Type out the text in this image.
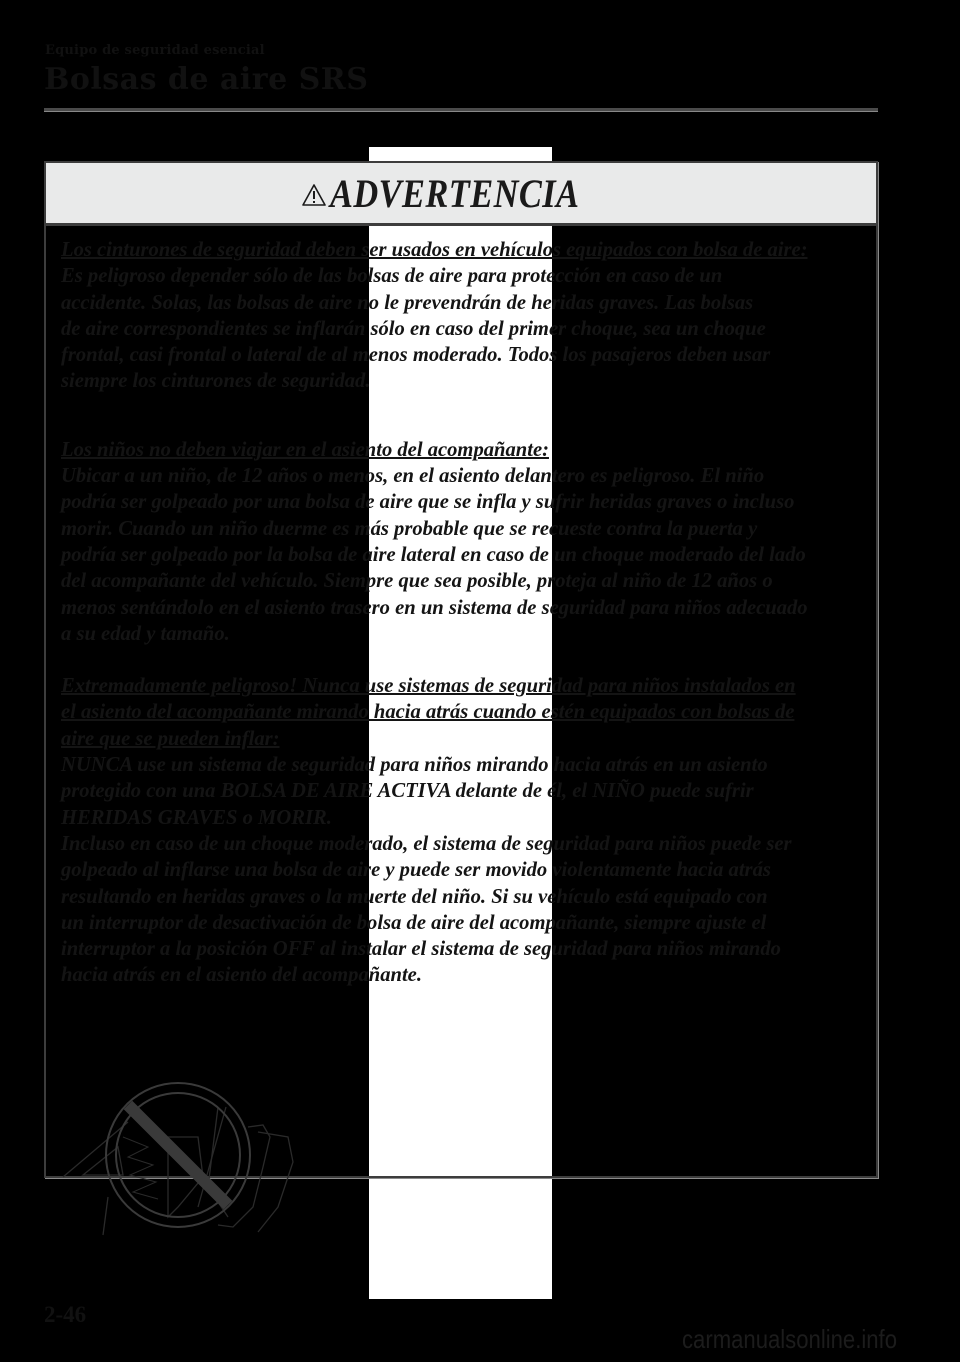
Equipo de seguridad esencial
Bolsas de aire SRS
ADVERTENCIA
Los cinturones de seguridad deben ser usados en vehículos equipados con bolsa de aire:
Es peligroso depender sólo de las bolsas de aire para protección en caso de un
accidente. Solas, las bolsas de aire no le prevendrán de heridas graves. Las bolsas
de aire correspondientes se inflarán sólo en caso del primer choque, sea un choque
frontal, casi frontal o lateral de al menos moderado. Todos los pasajeros deben usar
siempre los cinturones de seguridad.
Los niños no deben viajar en el asiento del acompañante:
Ubicar a un niño, de 12 años o menos, en el asiento delantero es peligroso. El niño
podría ser golpeado por una bolsa de aire que se infla y sufrir heridas graves o incluso
morir. Cuando un niño duerme es más probable que se recueste contra la puerta y
podría ser golpeado por la bolsa de aire lateral en caso de un choque moderado del lado
del acompañante del vehículo. Siempre que sea posible, proteja al niño de 12 años o
menos sentándolo en el asiento trasero en un sistema de seguridad para niños adecuado
a su edad y tamaño.
Extremadamente peligroso! Nunca use sistemas de seguridad para niños instalados en
el asiento del acompañante mirando hacia atrás cuando estén equipados con bolsas de
aire que se pueden inflar:
NUNCA use un sistema de seguridad para niños mirando hacia atrás en un asiento
protegido con una BOLSA DE AIRE ACTIVA delante de él, el NIÑO puede sufrir
HERIDAS GRAVES o MORIR.
Incluso en caso de un choque moderado, el sistema de seguridad para niños puede ser
golpeado al inflarse una bolsa de aire y puede ser movido violentamente hacia atrás
resultando en heridas graves o la muerte del niño. Si su vehículo está equipado con
un interruptor de desactivación de bolsa de aire del acompañante, siempre ajuste el
interruptor a la posición OFF al instalar el sistema de seguridad para niños mirando
hacia atrás en el asiento del acompañante.
2-46
carmanualsonline.info
